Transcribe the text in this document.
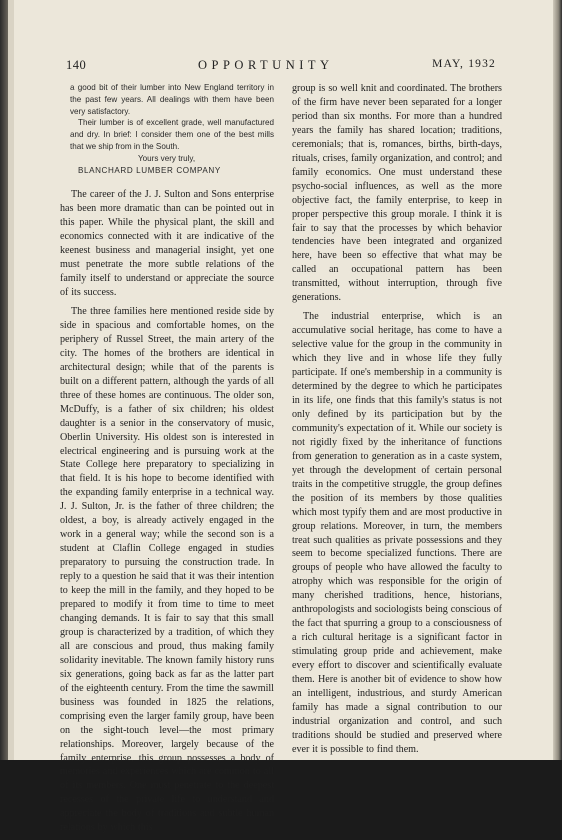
140	OPPORTUNITY	MAY, 1932

a good bit of their lumber into New England territory in the past few years. All dealings with them have been very satisfactory.

Their lumber is of excellent grade, well manufactured and dry. In brief: I consider them one of the best mills that we ship from in the South.

Yours very truly,

BLANCHARD LUMBER COMPANY

The career of the J. J. Sulton and Sons enterprise has been more dramatic than can be pointed out in this paper. While the physical plant, the skill and economics connected with it are indicative of the keenest business and managerial insight, yet one must penetrate the more subtle relations of the family itself to understand or appreciate the source of its success.

The three families here mentioned reside side by side in spacious and comfortable homes, on the periphery of Russel Street, the main artery of the city. The homes of the brothers are identical in architectural design; while that of the parents is built on a different pattern, although the yards of all three of these homes are continuous. The older son, McDuffy, is a father of six children; his oldest daughter is a senior in the conservatory of music, Oberlin University. His oldest son is interested in electrical engineering and is pursuing work at the State College here preparatory to specializing in that field. It is his hope to become identified with the expanding family enterprise in a technical way. J. J. Sulton, Jr. is the father of three children; the oldest, a boy, is already actively engaged in the work in a general way; while the second son is a student at Claflin College engaged in studies preparatory to pursuing the construction trade. In reply to a question he said that it was their intention to keep the mill in the family, and they hoped to be prepared to modify it from time to time to meet changing demands. It is fair to say that this small group is characterized by a tradition, of which they all are conscious and proud, thus making family solidarity inevitable. The known family history runs six generations, going back as far as the latter part of the eighteenth century. From the time the sawmill business was founded in 1825 the relations, comprising even the larger family group, have been on the sight-touch level—the most primary relationships. Moreover, largely because of the family enterprise, this group possesses a body of memories and experiences which are common to all of its members. One must penetrate to the deepest recesses of the private life to understand and appreciate the body of traditions and subtle human relations by which this

group is so well knit and coordinated. The brothers of the firm have never been separated for a longer period than six months. For more than a hundred years the family has shared location; traditions, ceremonials; that is, romances, births, birth-days, rituals, crises, family organization, and control; and family economics. One must understand these psycho-social influences, as well as the more objective fact, the family enterprise, to keep in proper perspective this group morale. I think it is fair to say that the processes by which behavior tendencies have been integrated and organized here, have been so effective that what may be called an occupational pattern has been transmitted, without interruption, through five generations.

The industrial enterprise, which is an accumulative social heritage, has come to have a selective value for the group in the community in which they live and in whose life they fully participate. If one's membership in a community is determined by the degree to which he participates in its life, one finds that this family's status is not only defined by its participation but by the community's expectation of it. While our society is not rigidly fixed by the inheritance of functions from generation to generation as in a caste system, yet through the development of certain personal traits in the competitive struggle, the group defines the position of its members by those qualities which most typify them and are most productive in group relations. Moreover, in turn, the members treat such qualities as private possessions and they seem to become specialized functions. There are groups of people who have allowed the faculty to atrophy which was responsible for the origin of many cherished traditions, hence, historians, anthropologists and sociologists being conscious of the fact that spurring a group to a consciousness of a rich cultural heritage is a significant factor in stimulating group pride and achievement, make every effort to discover and scientifically evaluate them. Here is another bit of evidence to show how an intelligent, industrious, and sturdy American family has made a signal contribution to our industrial organization and control, and such traditions should be studied and preserved where ever it is possible to find them.
